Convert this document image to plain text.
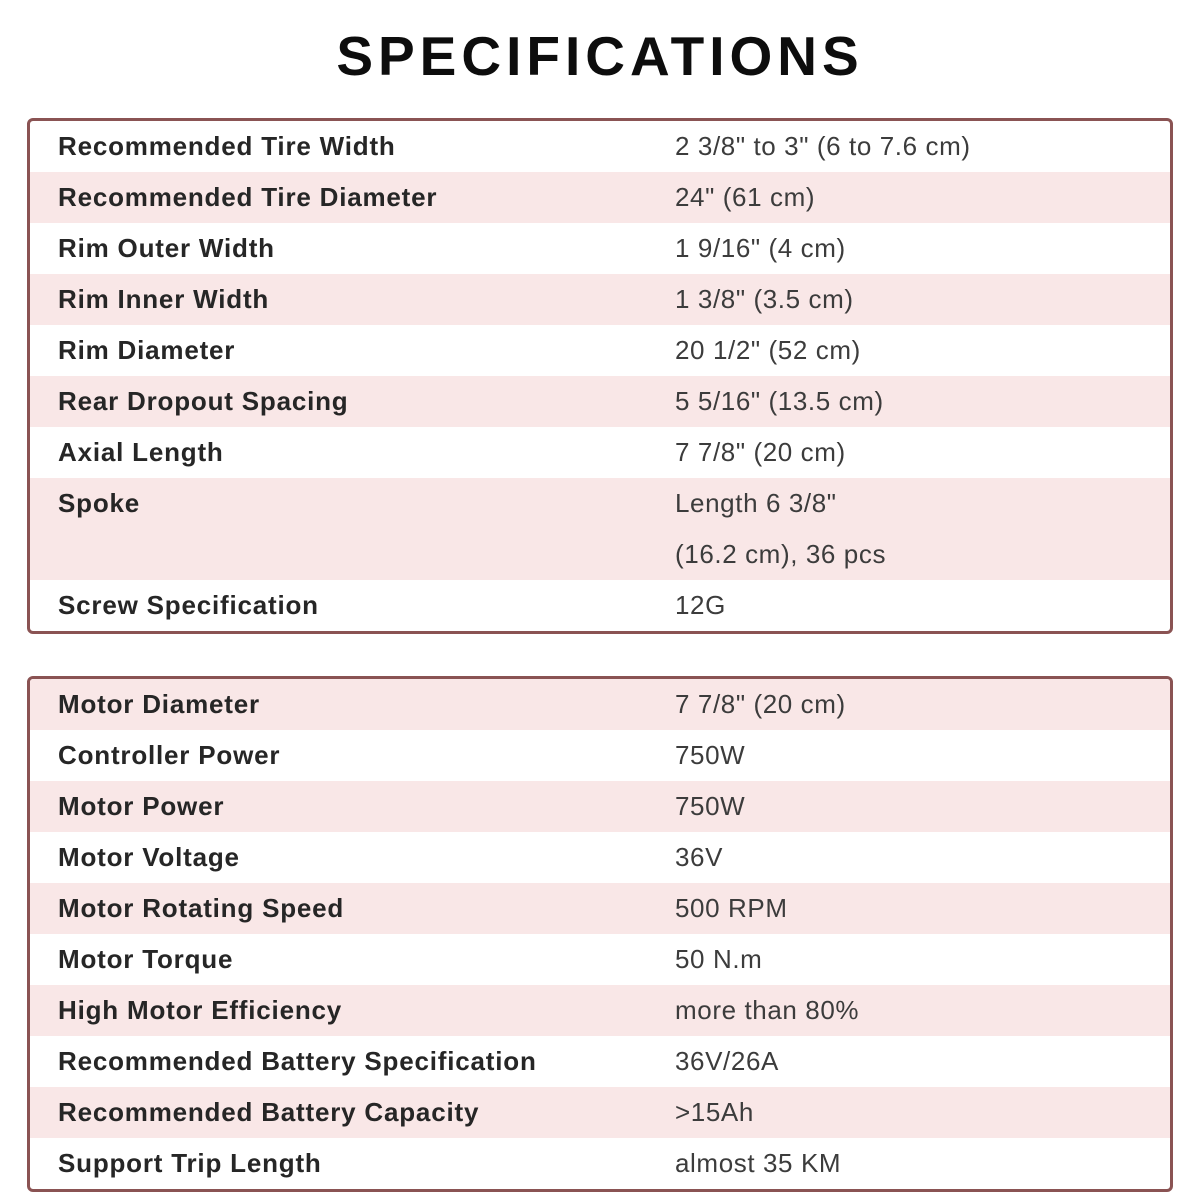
SPECIFICATIONS
Recommended Tire Width	2 3/8" to 3" (6 to 7.6 cm)
Recommended Tire Diameter	24" (61 cm)
Rim Outer Width	1 9/16" (4 cm)
Rim Inner Width	1 3/8" (3.5 cm)
Rim Diameter	20 1/2" (52 cm)
Rear Dropout Spacing	5 5/16" (13.5 cm)
Axial Length	7 7/8" (20 cm)
Spoke	Length 6 3/8"
(16.2 cm), 36 pcs
Screw Specification	12G
Motor Diameter	7 7/8" (20 cm)
Controller Power	750W
Motor Power	750W
Motor Voltage	36V
Motor Rotating Speed	500 RPM
Motor Torque	50 N.m
High Motor Efficiency	more than 80%
Recommended Battery Specification	36V/26A
Recommended Battery Capacity	>15Ah
Support Trip Length	almost 35 KM
